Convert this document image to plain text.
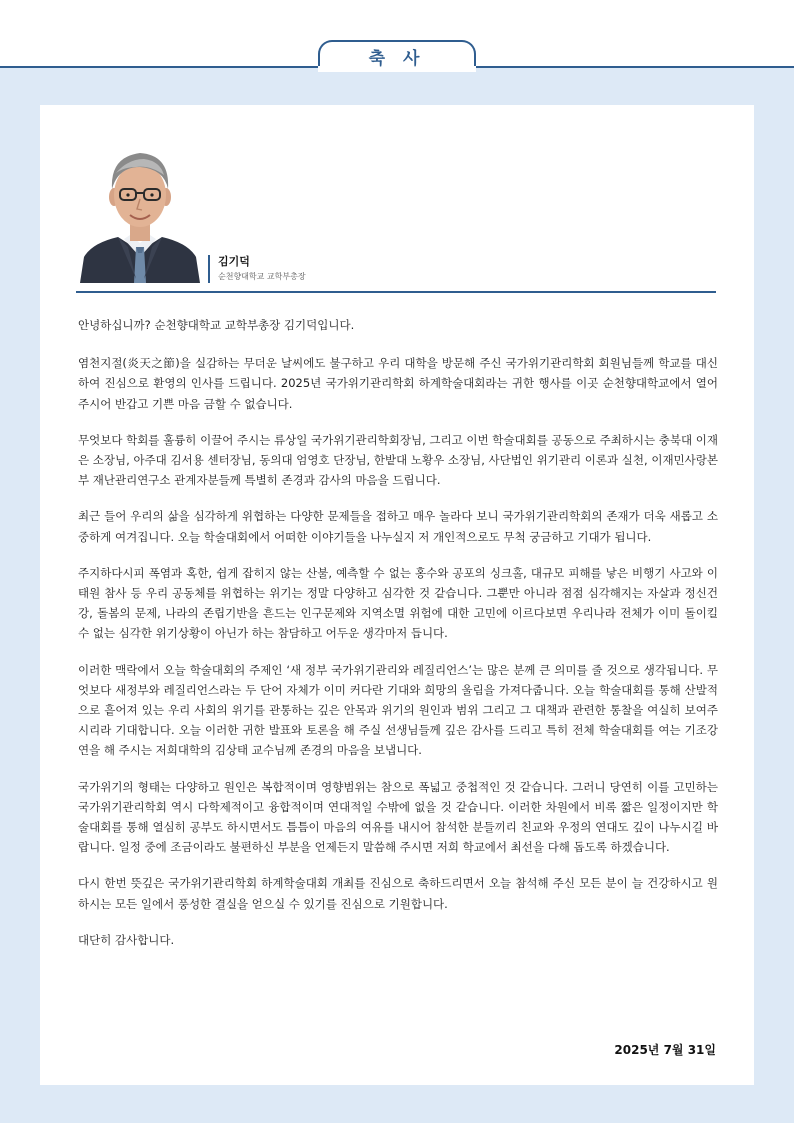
축 사
김기덕
순천향대학교 교학부총장

안녕하십니까? 순천향대학교 교학부총장 김기덕입니다.

염천지절(炎天之節)을 실감하는 무더운 날씨에도 불구하고 우리 대학을 방문해 주신 국가위기관리학회 회원님들께 학교를 대신하여 진심으로 환영의 인사를 드립니다. 2025년 국가위기관리학회 하계학술대회라는 귀한 행사를 이곳 순천향대학교에서 열어 주시어 반갑고 기쁜 마음 금할 수 없습니다.

무엇보다 학회를 훌륭히 이끌어 주시는 류상일 국가위기관리학회장님, 그리고 이번 학술대회를 공동으로 주최하시는 충북대 이재은 소장님, 아주대 김서용 센터장님, 동의대 엄영호 단장님, 한밭대 노황우 소장님, 사단법인 위기관리 이론과 실천, 이재민사랑본부 재난관리연구소 관계자분들께 특별히 존경과 감사의 마음을 드립니다.

최근 들어 우리의 삶을 심각하게 위협하는 다양한 문제들을 접하고 매우 놀라다 보니 국가위기관리학회의 존재가 더욱 새롭고 소중하게 여겨집니다. 오늘 학술대회에서 어떠한 이야기들을 나누실지 저 개인적으로도 무척 궁금하고 기대가 됩니다.

주지하다시피 폭염과 혹한, 쉽게 잡히지 않는 산불, 예측할 수 없는 홍수와 공포의 싱크홀, 대규모 피해를 낳은 비행기 사고와 이태원 참사 등 우리 공동체를 위협하는 위기는 정말 다양하고 심각한 것 같습니다. 그뿐만 아니라 점점 심각해지는 자살과 정신건강, 돌봄의 문제, 나라의 존립기반을 흔드는 인구문제와 지역소멸 위험에 대한 고민에 이르다보면 우리나라 전체가 이미 돌이킬 수 없는 심각한 위기상황이 아닌가 하는 참담하고 어두운 생각마저 듭니다.

이러한 맥락에서 오늘 학술대회의 주제인 ‘새 정부 국가위기관리와 레질리언스’는 많은 분께 큰 의미를 줄 것으로 생각됩니다. 무엇보다 새정부와 레질리언스라는 두 단어 자체가 이미 커다란 기대와 희망의 울림을 가져다줍니다. 오늘 학술대회를 통해 산발적으로 흩어져 있는 우리 사회의 위기를 관통하는 깊은 안목과 위기의 원인과 범위 그리고 그 대책과 관련한 통찰을 여실히 보여주시리라 기대합니다. 오늘 이러한 귀한 발표와 토론을 해 주실 선생님들께 깊은 감사를 드리고 특히 전체 학술대회를 여는 기조강연을 해 주시는 저희대학의 김상태 교수님께 존경의 마음을 보냅니다.

국가위기의 형태는 다양하고 원인은 복합적이며 영향범위는 참으로 폭넓고 중첩적인 것 같습니다. 그러니 당연히 이를 고민하는 국가위기관리학회 역시 다학제적이고 융합적이며 연대적일 수밖에 없을 것 같습니다. 이러한 차원에서 비록 짧은 일정이지만 학술대회를 통해 열심히 공부도 하시면서도 틈틈이 마음의 여유를 내시어 참석한 분들끼리 친교와 우정의 연대도 깊이 나누시길 바랍니다. 일정 중에 조금이라도 불편하신 부분을 언제든지 말씀해 주시면 저희 학교에서 최선을 다해 돕도록 하겠습니다.

다시 한번 뜻깊은 국가위기관리학회 하계학술대회 개최를 진심으로 축하드리면서 오늘 참석해 주신 모든 분이 늘 건강하시고 원하시는 모든 일에서 풍성한 결실을 얻으실 수 있기를 진심으로 기원합니다.

대단히 감사합니다.

2025년 7월 31일
